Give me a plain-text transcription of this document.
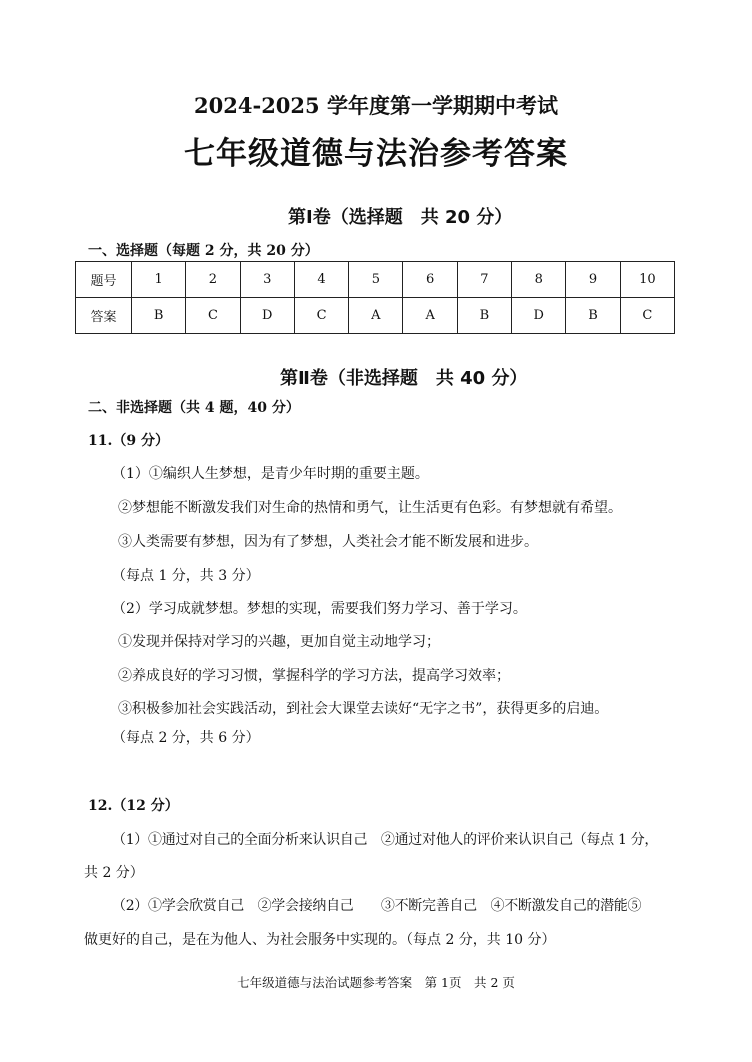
2024-2025 学年度第一学期期中考试
七年级道德与法治参考答案
第Ⅰ卷（选择题　共 20 分）
一、选择题（每题 2 分，共 20 分）
题号	1	2	3	4	5	6	7	8	9	10
答案	B	C	D	C	A	A	B	D	B	C
第Ⅱ卷（非选择题　共 40 分）
二、非选择题（共 4 题，40 分）
11.（9 分）
（1）①编织人生梦想，是青少年时期的重要主题。
②梦想能不断激发我们对生命的热情和勇气，让生活更有色彩。有梦想就有希望。
③人类需要有梦想，因为有了梦想，人类社会才能不断发展和进步。
（每点 1 分，共 3 分）
（2）学习成就梦想。梦想的实现，需要我们努力学习、善于学习。
①发现并保持对学习的兴趣，更加自觉主动地学习；
②养成良好的学习习惯，掌握科学的学习方法，提高学习效率；
③积极参加社会实践活动，到社会大课堂去读好“无字之书”，获得更多的启迪。
（每点 2 分，共 6 分）
12.（12 分）
（1）①通过对自己的全面分析来认识自己　②通过对他人的评价来认识自己（每点 1 分，
共 2 分）
（2）①学会欣赏自己　②学会接纳自己　　③不断完善自己　④不断激发自己的潜能⑤
做更好的自己，是在为他人、为社会服务中实现的。（每点 2 分，共 10 分）
七年级道德与法治试题参考答案　第 1页　共 2 页
